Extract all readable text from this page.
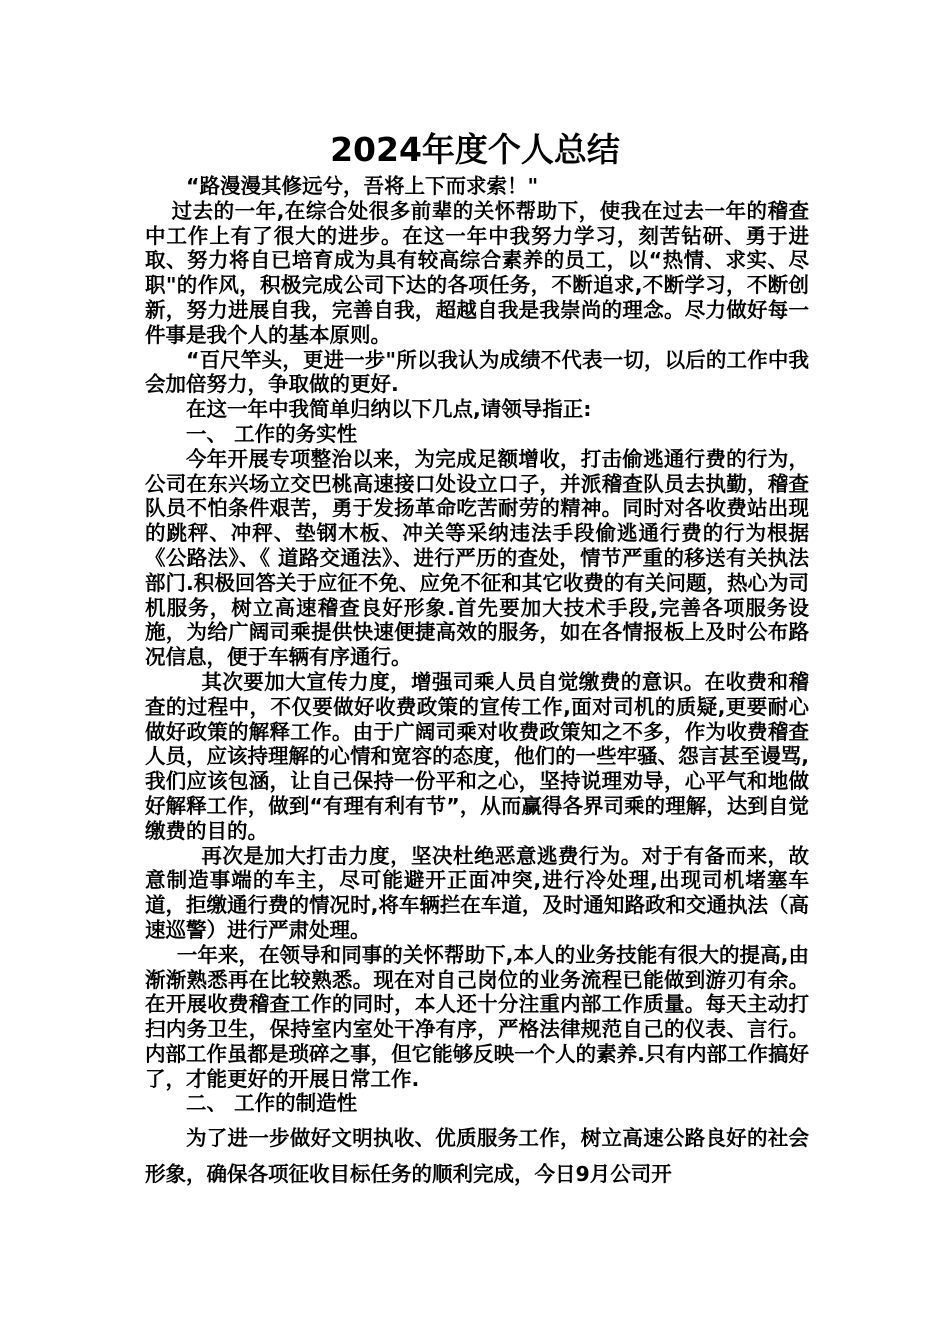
2024年度个人总结

“路漫漫其修远兮，吾将上下而求索！"

过去的一年,在综合处很多前辈的关怀帮助下，使我在过去一年的稽查中工作上有了很大的进步。在这一年中我努力学习，刻苦钻研、勇于进取、努力将自已培育成为具有较高综合素养的员工，以“热情、求实、尽职"的作风，积极完成公司下达的各项任务，不断追求,不断学习，不断创新，努力进展自我，完善自我，超越自我是我崇尚的理念。尽力做好每一件事是我个人的基本原则。

“百尺竿头，更进一步"所以我认为成绩不代表一切，以后的工作中我会加倍努力，争取做的更好.

在这一年中我简单归纳以下几点,请领导指正:

一、 工作的务实性

今年开展专项整治以来，为完成足额增收，打击偷逃通行费的行为，公司在东兴场立交巴桃高速接口处设立口子，并派稽查队员去执勤，稽查队员不怕条件艰苦，勇于发扬革命吃苦耐劳的精神。同时对各收费站出现的跳秤、冲秤、垫钢木板、冲关等采纳违法手段偷逃通行费的行为根据《公路法》、《 道路交通法》、进行严历的查处，情节严重的移送有关执法部门.积极回答关于应征不免、应免不征和其它收费的有关问题，热心为司机服务，树立高速稽查良好形象.首先要加大技术手段,完善各项服务设施，为给广阔司乘提供快速便捷高效的服务，如在各情报板上及时公布路况信息，便于车辆有序通行。

其次要加大宣传力度，增强司乘人员自觉缴费的意识。在收费和稽查的过程中，不仅要做好收费政策的宣传工作,面对司机的质疑,更要耐心做好政策的解释工作。由于广阔司乘对收费政策知之不多，作为收费稽查人员，应该持理解的心情和宽容的态度，他们的一些牢骚、怨言甚至谩骂,我们应该包涵，让自己保持一份平和之心，坚持说理劝导，心平气和地做好解释工作，做到“有理有利有节”，从而赢得各界司乘的理解，达到自觉缴费的目的。

再次是加大打击力度，坚决杜绝恶意逃费行为。对于有备而来，故意制造事端的车主，尽可能避开正面冲突,进行冷处理,出现司机堵塞车道，拒缴通行费的情况时,将车辆拦在车道，及时通知路政和交通执法（高速巡警）进行严肃处理。

一年来，在领导和同事的关怀帮助下,本人的业务技能有很大的提高,由渐渐熟悉再在比较熟悉。现在对自己岗位的业务流程已能做到游刃有余。在开展收费稽查工作的同时，本人还十分注重内部工作质量。每天主动打扫内务卫生，保持室内室处干净有序，严格法律规范自己的仪表、言行。内部工作虽都是琐碎之事，但它能够反映一个人的素养.只有内部工作搞好了，才能更好的开展日常工作.

二、 工作的制造性

为了进一步做好文明执收、优质服务工作，树立高速公路良好的社会形象，确保各项征收目标任务的顺利完成，今日9月公司开
